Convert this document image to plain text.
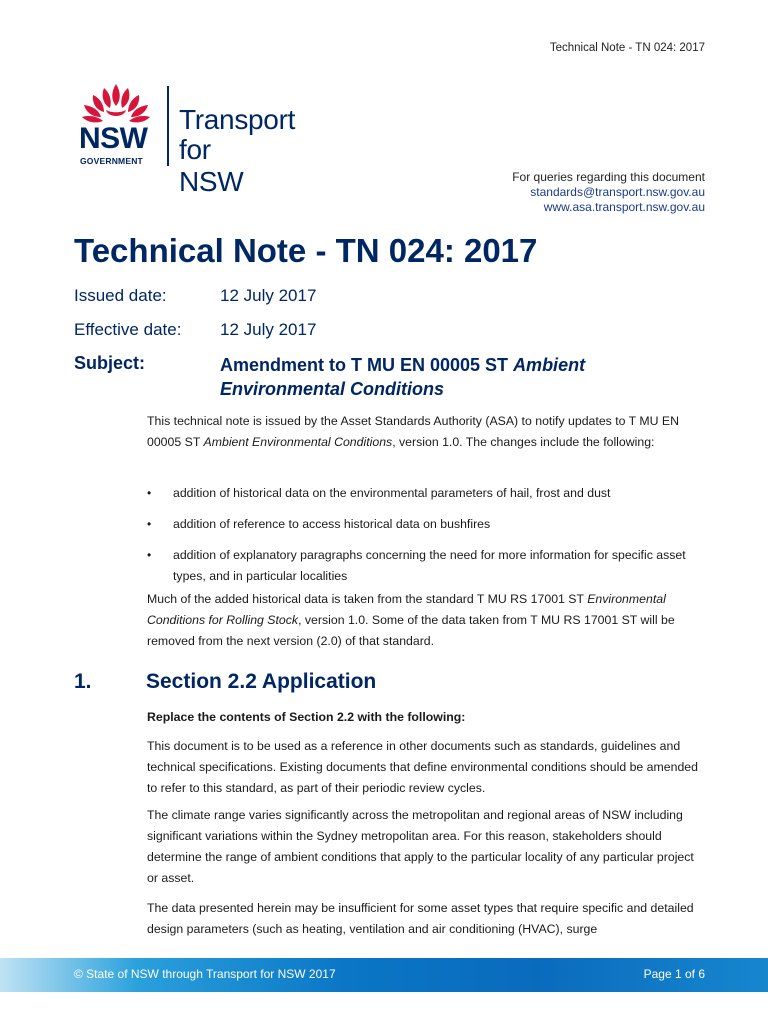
Technical Note - TN 024: 2017
NSW
GOVERNMENT
Transport
for NSW	For queries regarding this document
standards@transport.nsw.gov.au
www.asa.transport.nsw.gov.au
Technical Note - TN 024: 2017
Issued date:	12 July 2017
Effective date: 12 July 2017
Subject:	Amendment to T MU EN 00005 ST Ambient Environmental Conditions

This technical note is issued by the Asset Standards Authority (ASA) to notify updates to T MU EN 00005 ST Ambient Environmental Conditions, version 1.0. The changes include the following:

• addition of historical data on the environmental parameters of hail, frost and dust
• addition of reference to access historical data on bushfires
• addition of explanatory paragraphs concerning the need for more information for specific asset types, and in particular localities

Much of the added historical data is taken from the standard T MU RS 17001 ST Environmental Conditions for Rolling Stock, version 1.0. Some of the data taken from T MU RS 17001 ST will be removed from the next version (2.0) of that standard.

1.	Section 2.2 Application

Replace the contents of Section 2.2 with the following:

This document is to be used as a reference in other documents such as standards, guidelines and technical specifications. Existing documents that define environmental conditions should be amended to refer to this standard, as part of their periodic review cycles.

The climate range varies significantly across the metropolitan and regional areas of NSW including significant variations within the Sydney metropolitan area. For this reason, stakeholders should determine the range of ambient conditions that apply to the particular locality of any particular project or asset.

The data presented herein may be insufficient for some asset types that require specific and detailed design parameters (such as heating, ventilation and air conditioning (HVAC), surge

© State of NSW through Transport for NSW 2017	Page 1 of 6
